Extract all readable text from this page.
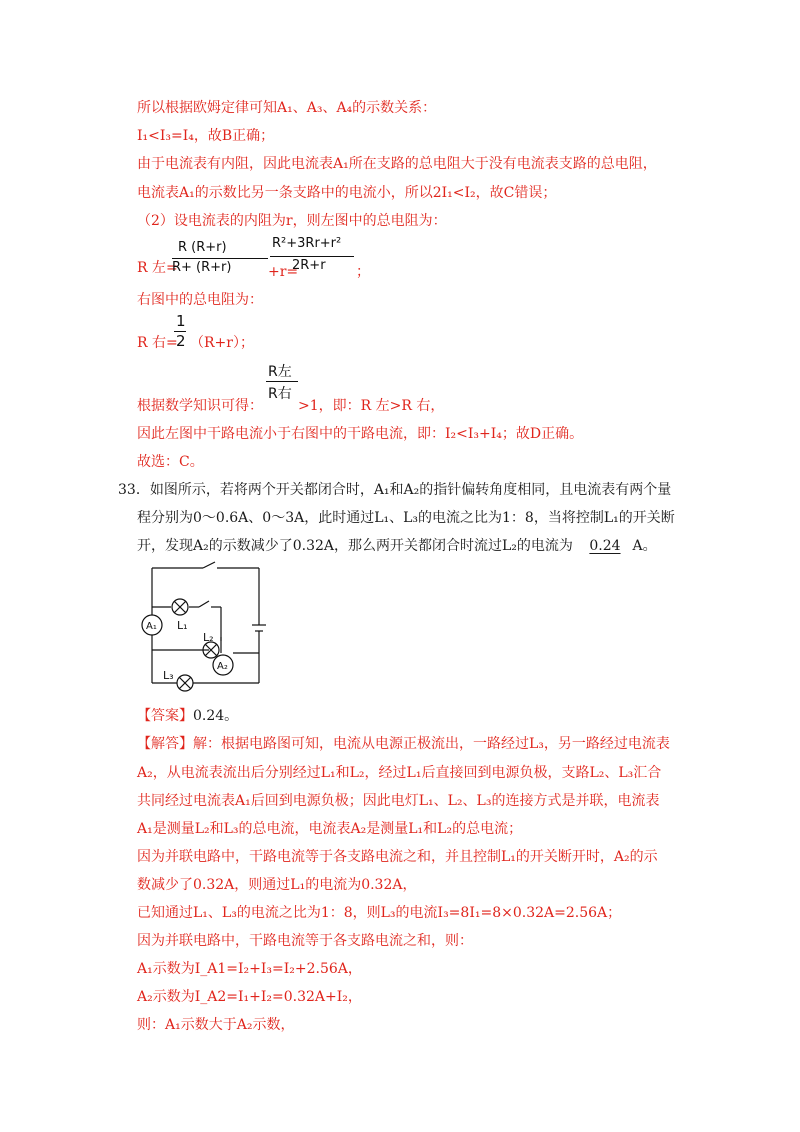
所以根据欧姆定律可知A₁、A₃、A₄的示数关系：
I₁<I₃=I₄，故B正确；
由于电流表有内阻，因此电流表A₁所在支路的总电阻大于没有电流表支路的总电阻，
电流表A₁的示数比另一条支路中的电流小，所以2I₁<I₂，故C错误；
（2）设电流表的内阻为r，则左图中的总电阻为：
R 左=
R (R+r)
R+ (R+r)	+r=
R²+3Rr+r²
2R+r ；
右图中的总电阻为：
R 右=
1
2 （R+r）；
根据数学知识可得：
R左
R右
>1，即：R 左>R 右，
因此左图中干路电流小于右图中的干路电流，即：I₂<I₃+I₄；故D正确。
故选：C。
33．如图所示，若将两个开关都闭合时，A₁和A₂的指针偏转角度相同，且电流表有两个量
程分别为0～0.6A、0～3A，此时通过L₁、L₃的电流之比为1：8，当将控制L₁的开关断
开，发现A₂的示数减少了0.32A，那么两开关都闭合时流过L₂的电流为 0.24 A。
A₁
A₂
L₁
L₂
L₃
【答案】0.24。
【解答】解：根据电路图可知，电流从电源正极流出，一路经过L₃，另一路经过电流表
A₂，从电流表流出后分别经过L₁和L₂，经过L₁后直接回到电源负极，支路L₂、L₃汇合
共同经过电流表A₁后回到电源负极；因此电灯L₁、L₂、L₃的连接方式是并联，电流表
A₁是测量L₂和L₃的总电流，电流表A₂是测量L₁和L₂的总电流；
因为并联电路中，干路电流等于各支路电流之和，并且控制L₁的开关断开时，A₂的示
数减少了0.32A，则通过L₁的电流为0.32A，
已知通过L₁、L₃的电流之比为1：8，则L₃的电流I₃=8I₁=8×0.32A=2.56A；
因为并联电路中，干路电流等于各支路电流之和，则：
A₁示数为I_A1=I₂+I₃=I₂+2.56A，
A₂示数为I_A2=I₁+I₂=0.32A+I₂，
则：A₁示数大于A₂示数，
